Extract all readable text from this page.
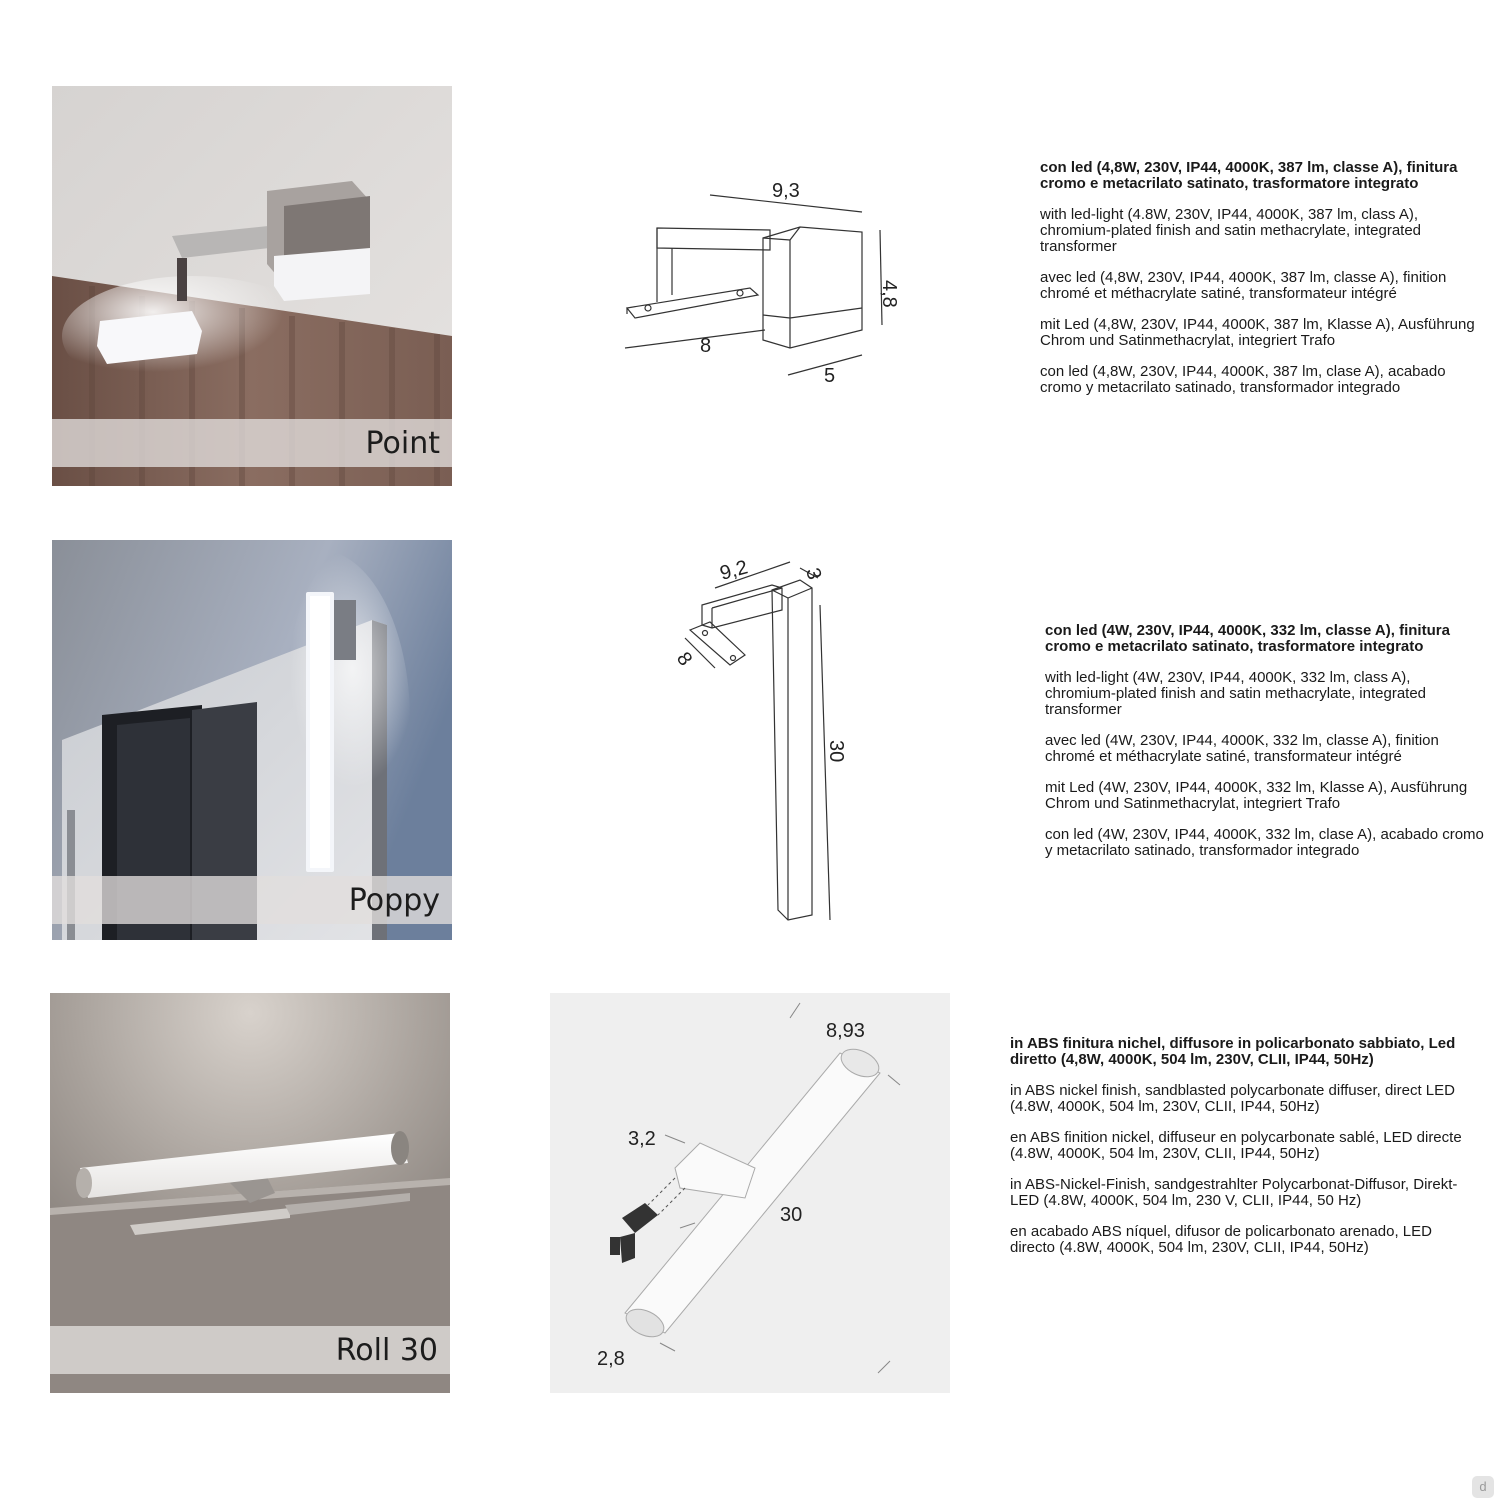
Point
9,3
4,8
5
8

con led (4,8W, 230V, IP44, 4000K, 387 lm, classe A), finitura cromo e metacrilato satinato, trasformatore integrato

with led-light (4.8W, 230V, IP44, 4000K, 387 lm, class A), chromium-plated finish and satin methacrylate, integrated transformer

avec led (4,8W, 230V, IP44, 4000K, 387 lm, classe A), finition chromé et méthacrylate satiné, transformateur intégré

mit Led (4,8W, 230V, IP44, 4000K, 387 lm, Klasse A), Ausführung Chrom und Satinmethacrylat, integriert Trafo

con led (4,8W, 230V, IP44, 4000K, 387 lm, clase A), acabado cromo y metacrilato satinado, transformador integrado

Poppy
9,2	3
8
30

con led (4W, 230V, IP44, 4000K, 332 lm, classe A), finitura cromo e metacrilato satinato, trasformatore integrato

with led-light (4W, 230V, IP44, 4000K, 332 lm, class A), chromium-plated finish and satin methacrylate, integrated transformer

avec led (4W, 230V, IP44, 4000K, 332 lm, classe A), finition chromé et méthacrylate satiné, transformateur intégré

mit Led (4W, 230V, IP44, 4000K, 332 lm, Klasse A), Ausführung Chrom und Satinmethacrylat, integriert Trafo

con led (4W, 230V, IP44, 4000K, 332 lm, clase A), acabado cromo y metacrilato satinado, transformador integrado

Roll 30
8,93
3,2
30
2,8

in ABS finitura nichel, diffusore in policarbonato sabbiato, Led diretto (4,8W, 4000K, 504 lm, 230V, CLII, IP44, 50Hz)

in ABS nickel finish, sandblasted polycarbonate diffuser, direct LED (4.8W, 4000K, 504 lm, 230V, CLII, IP44, 50Hz)

en ABS finition nickel, diffuseur en polycarbonate sablé, LED directe (4.8W, 4000K, 504 lm, 230V, CLII, IP44, 50Hz)

in ABS-Nickel-Finish, sandgestrahlter Polycarbonat-Diffusor, Direkt-LED (4.8W, 4000K, 504 lm, 230 V, CLII, IP44, 50 Hz)

en acabado ABS níquel, difusor de policarbonato arenado, LED directo (4.8W, 4000K, 504 lm, 230V, CLII, IP44, 50Hz)

d
